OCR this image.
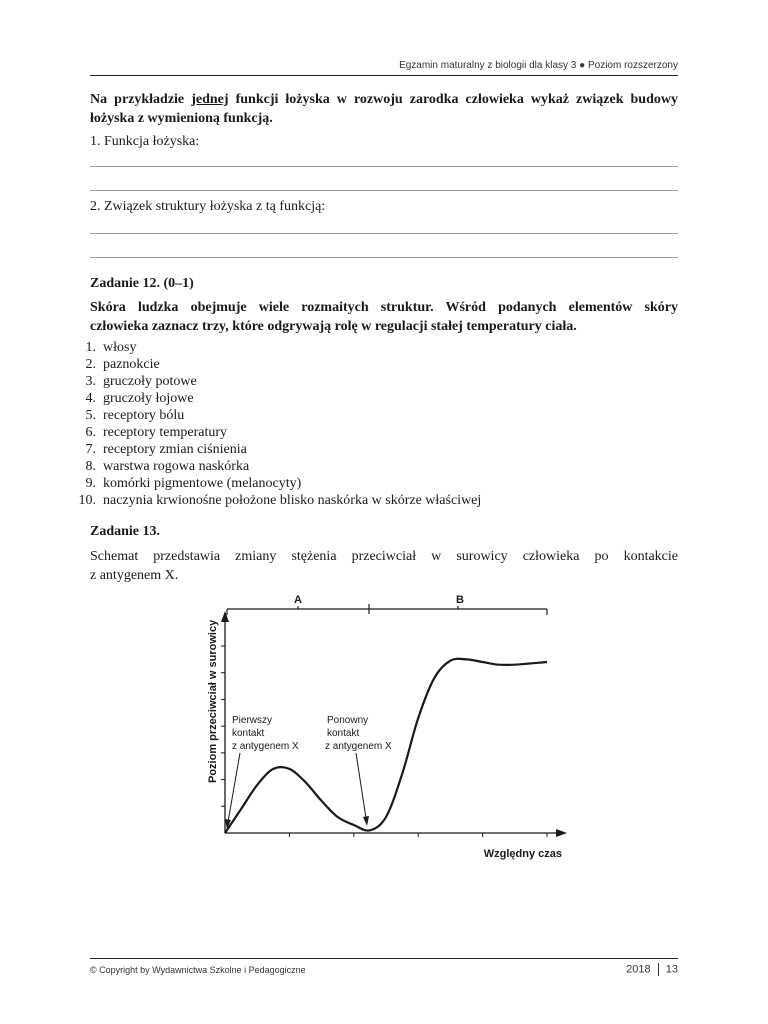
Egzamin maturalny z biologii dla klasy 3 ● Poziom rozszerzony
Na przykładzie jednej funkcji łożyska w rozwoju zarodka człowieka wykaż związek budowy
łożyska z wymienioną funkcją.
1. Funkcja łożyska:
2. Związek struktury łożyska z tą funkcją:
Zadanie 12. (0–1)
Skóra ludzka obejmuje wiele rozmaitych struktur. Wśród podanych elementów skóry
człowieka zaznacz trzy, które odgrywają rolę w regulacji stałej temperatury ciała.
1. włosy
2. paznokcie
3. gruczoły potowe
4. gruczoły łojowe
5. receptory bólu
6. receptory temperatury
7. receptory zmian ciśnienia
8. warstwa rogowa naskórka
9. komórki pigmentowe (melanocyty)
10. naczynia krwionośne położone blisko naskórka w skórze właściwej
Zadanie 13.
Schemat przedstawia zmiany stężenia przeciwciał w surowicy człowieka po kontakcie
z antygenem X.
A	B
Poziom przeciwciał w surowicy
Względny czas
Pierwszy
kontakt
z antygenem X
Ponowny
kontakt
z antygenem X
© Copyright by Wydawnictwa Szkolne i Pedagogiczne	2018 13
